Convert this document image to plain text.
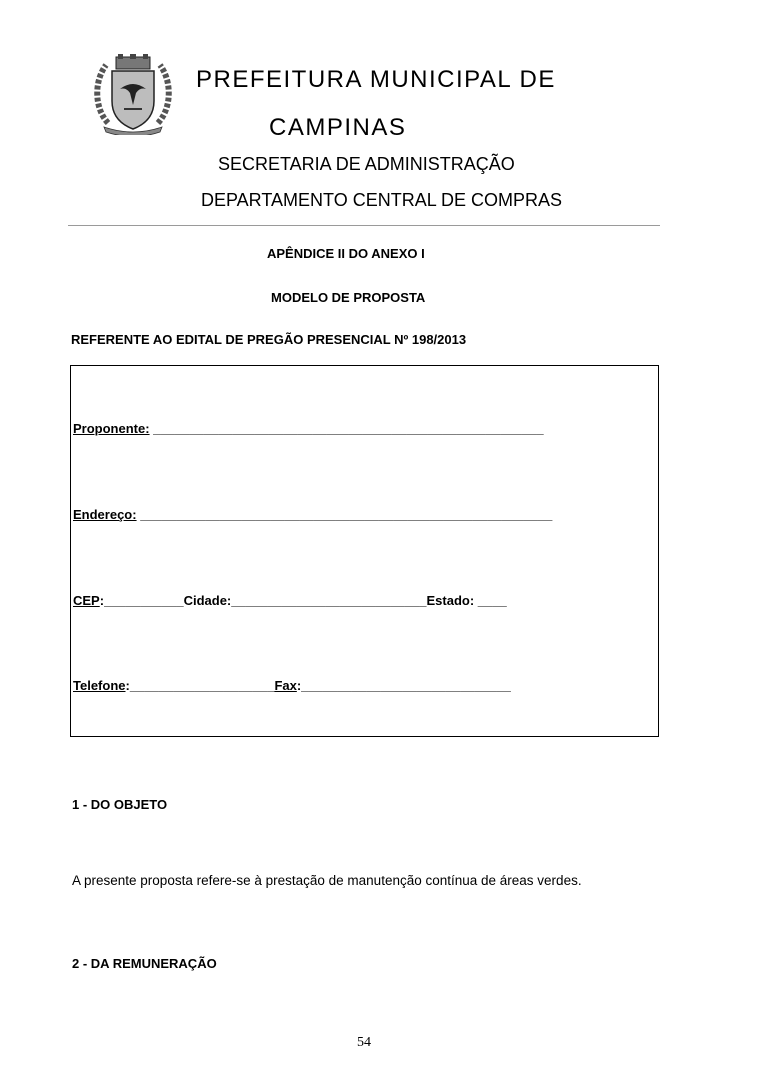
PREFEITURA MUNICIPAL DE
CAMPINAS
SECRETARIA DE ADMINISTRAÇÃO
DEPARTAMENTO CENTRAL DE COMPRAS
APÊNDICE II DO ANEXO I
MODELO DE PROPOSTA
REFERENTE AO EDITAL DE PREGÃO PRESENCIAL Nº 198/2013
Proponente: ______________________________________________________
Endereço: _________________________________________________________
CEP:___________Cidade:___________________________Estado: ____
Telefone:____________________Fax:_____________________________
1 - DO OBJETO
A presente proposta refere-se à prestação de manutenção contínua de áreas verdes.
2 - DA REMUNERAÇÃO
54
